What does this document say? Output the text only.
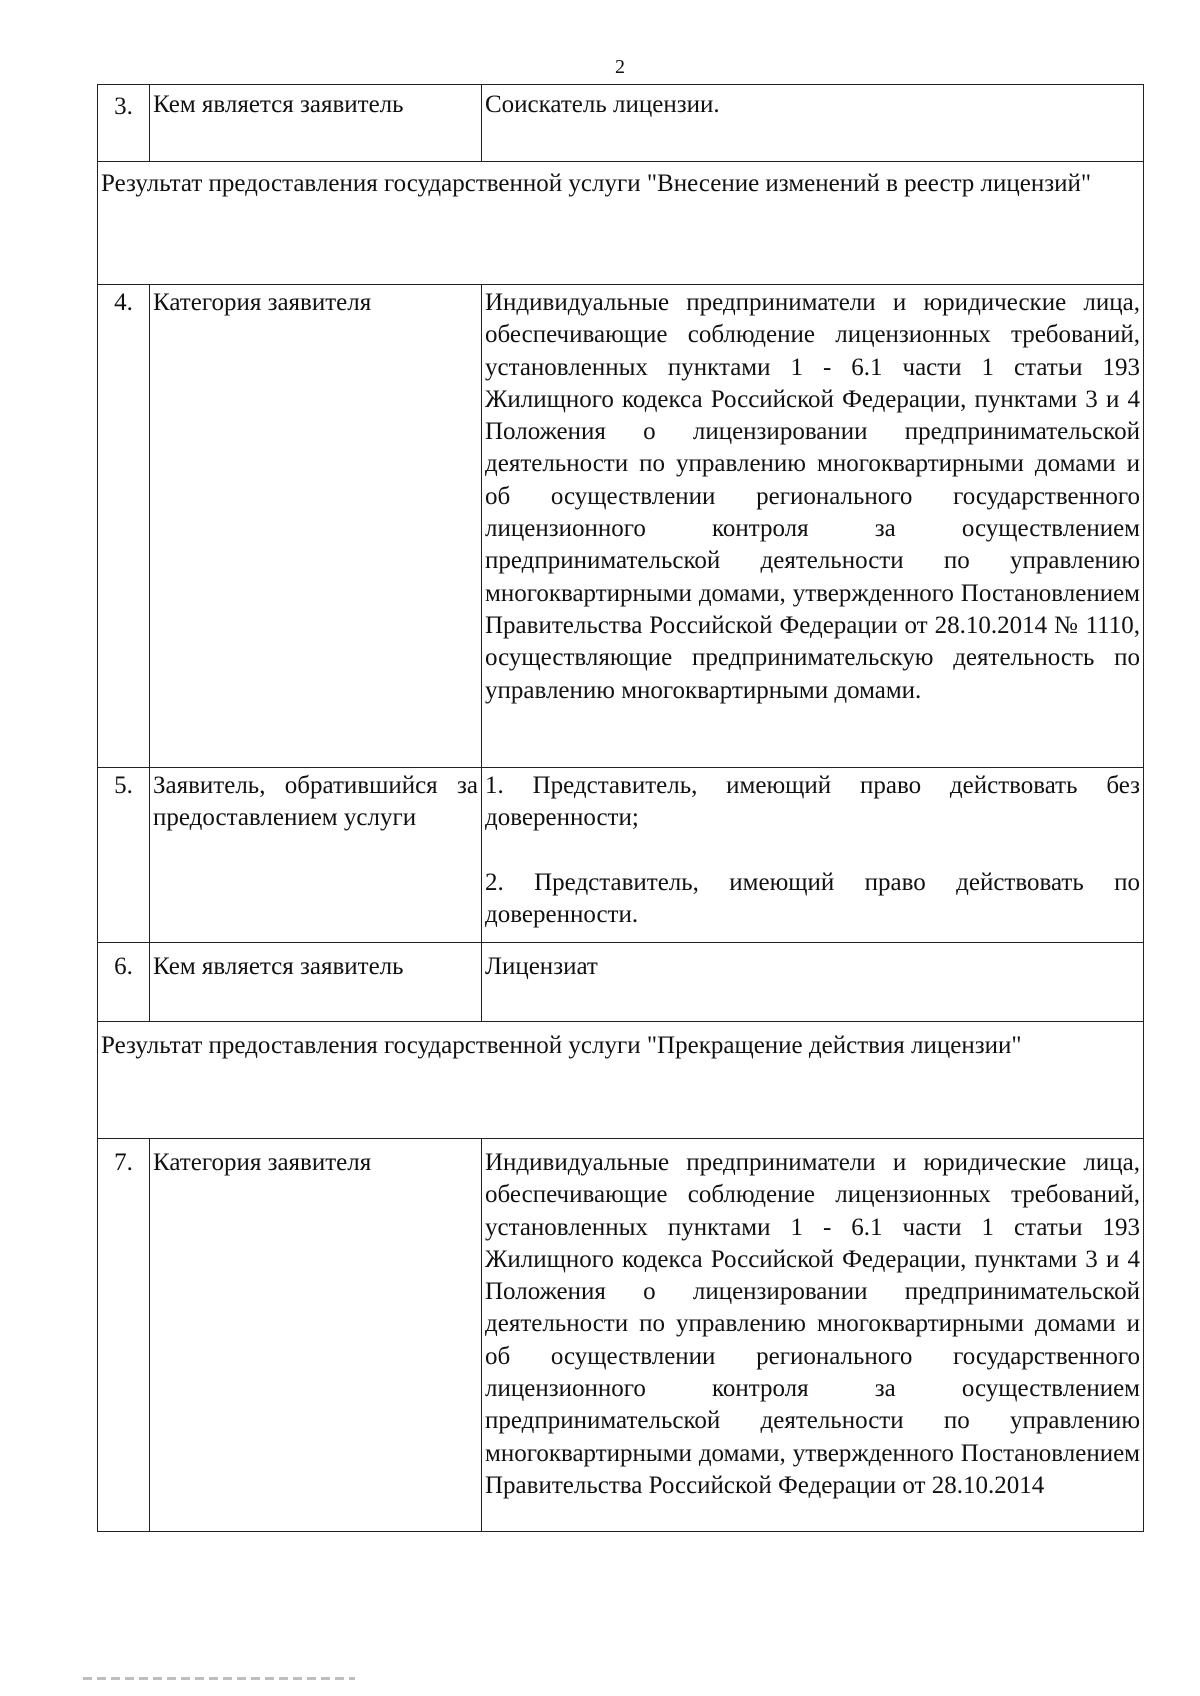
2
3.	Кем является заявитель	Соискатель лицензии.
Результат предоставления государственной услуги "Внесение изменений в реестр лицензий"		
4.	Категория заявителя	Индивидуальные предприниматели и юридические лица, обеспечивающие соблюдение лицензионных требований, установленных пунктами 1 - 6.1 части 1 статьи 193 Жилищного кодекса Российской Федерации, пунктами 3 и 4 Положения о лицензировании предпринимательской деятельности по управлению многоквартирными домами и об осуществлении регионального государственного лицензионного контроля за осуществлением предпринимательской деятельности по управлению многоквартирными домами, утвержденного Постановлением Правительства Российской Федерации от 28.10.2014 № 1110, осуществляющие предпринимательскую деятельность по управлению многоквартирными домами.
5.	Заявитель, обратившийся за предоставлением услуги	1. Представитель, имеющий право действовать без доверенности;

2. Представитель, имеющий право действовать по доверенности.

6.	Кем является заявитель	Лицензиат
Результат предоставления государственной услуги "Прекращение действия лицензии"		
7.	Категория заявителя	Индивидуальные предприниматели и юридические лица, обеспечивающие соблюдение лицензионных требований, установленных пунктами 1 - 6.1 части 1 статьи 193 Жилищного кодекса Российской Федерации, пунктами 3 и 4 Положения о лицензировании предпринимательской деятельности по управлению многоквартирными домами и об осуществлении регионального государственного лицензионного контроля за осуществлением предпринимательской деятельности по управлению многоквартирными домами, утвержденного Постановлением Правительства Российской Федерации от 28.10.2014
